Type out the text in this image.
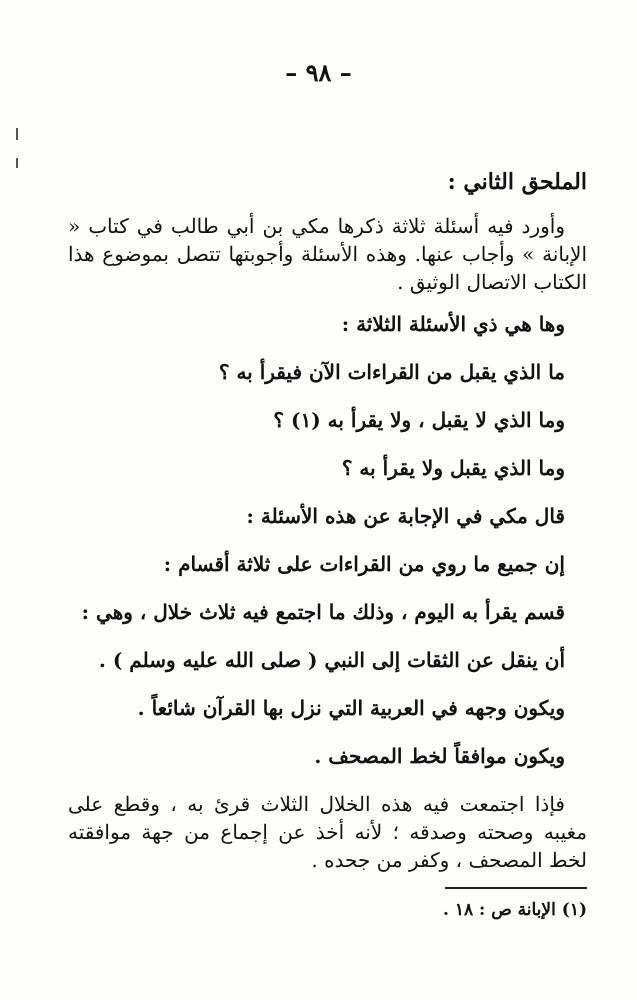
– ٩٨ –
الملحق الثاني :

وأورد فيه أسئلة ثلاثة ذكرها مكي بن أبي طالب في كتاب « الإبانة » وأجاب عنها. وهذه الأسئلة وأجوبتها تتصل بموضوع هذا الكتاب الاتصال الوثيق .

وها هي ذي الأسئلة الثلاثة :
ما الذي يقبل من القراءات الآن فيقرأ به ؟
وما الذي لا يقبل ، ولا يقرأ به (١) ؟
وما الذي يقبل ولا يقرأ به ؟
قال مكي في الإجابة عن هذه الأسئلة :
إن جميع ما روي من القراءات على ثلاثة أقسام :
قسم يقرأ به اليوم ، وذلك ما اجتمع فيه ثلاث خلال ، وهي :
أن ينقل عن الثقات إلى النبي ( صلى الله عليه وسلم ) .
ويكون وجهه في العربية التي نزل بها القرآن شائعاً .
ويكون موافقاً لخط المصحف .

فإذا اجتمعت فيه هذه الخلال الثلاث قرئ به ، وقطع على مغيبه وصحته وصدقه ؛ لأنه أخذ عن إجماع من جهة موافقته لخط المصحف ، وكفر من جحده .

(١) الإبانة ص : ١٨ .
